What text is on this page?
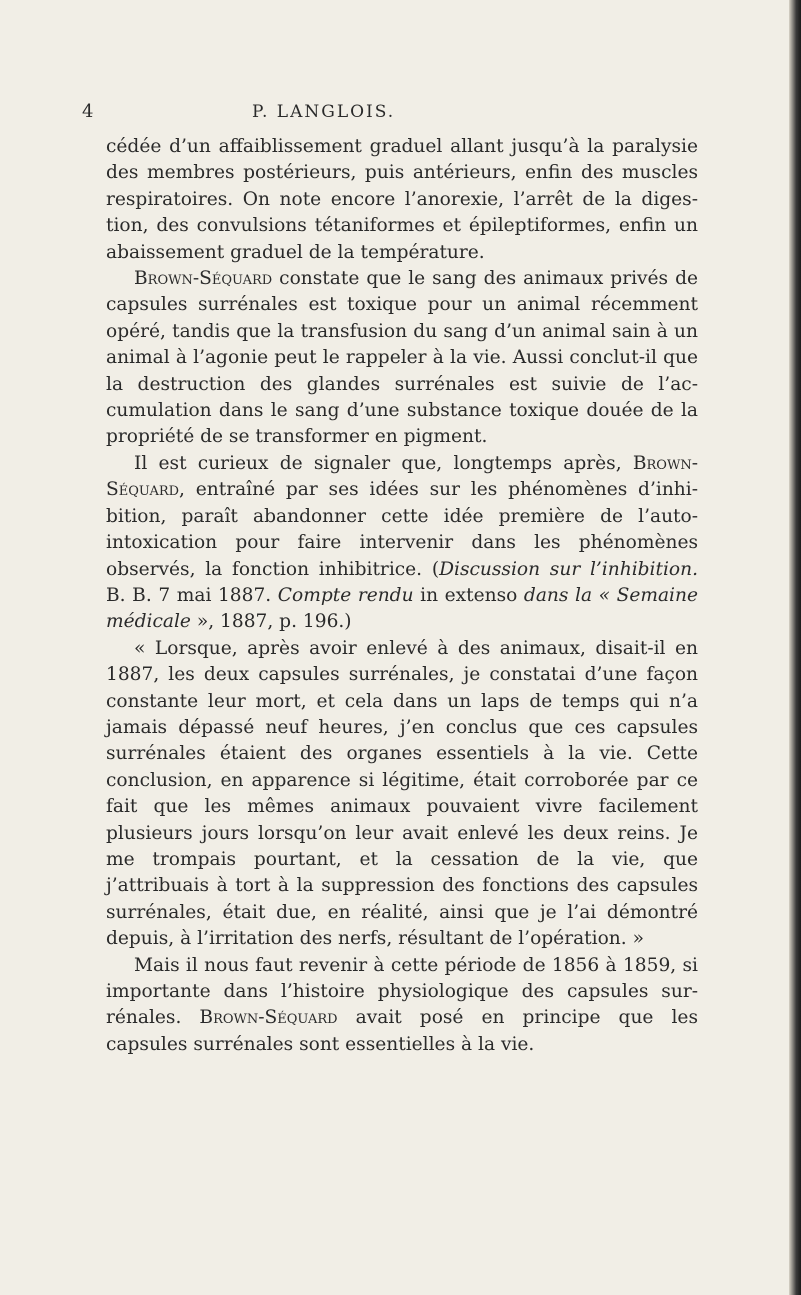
4	P. LANGLOIS.

cédée d’un affaiblissement graduel allant jusqu’à la paralysie des membres postérieurs, puis antérieurs, enfin des muscles respiratoires. On note encore l’anorexie, l’arrêt de la diges-tion, des convulsions tétaniformes et épileptiformes, enfin un abaissement graduel de la température.

Brown-Séquard constate que le sang des animaux privés de capsules surrénales est toxique pour un animal récemment opéré, tandis que la transfusion du sang d’un animal sain à un animal à l’agonie peut le rappeler à la vie. Aussi conclut-il que la destruction des glandes surrénales est suivie de l’ac-cumulation dans le sang d’une substance toxique douée de la propriété de se transformer en pigment.

Il est curieux de signaler que, longtemps après, Brown-Séquard, entraîné par ses idées sur les phénomènes d’inhi-bition, paraît abandonner cette idée première de l’auto-intoxication pour faire intervenir dans les phénomènes observés, la fonction inhibitrice. (Discussion sur l’inhibition. B. B. 7 mai 1887. Compte rendu in extenso dans la « Semaine médicale », 1887, p. 196.)

« Lorsque, après avoir enlevé à des animaux, disait-il en 1887, les deux capsules surrénales, je constatai d’une façon constante leur mort, et cela dans un laps de temps qui n’a jamais dépassé neuf heures, j’en conclus que ces capsules surrénales étaient des organes essentiels à la vie. Cette conclusion, en apparence si légitime, était corroborée par ce fait que les mêmes animaux pouvaient vivre facilement plusieurs jours lorsqu’on leur avait enlevé les deux reins. Je me trompais pourtant, et la cessation de la vie, que j’attribuais à tort à la suppression des fonctions des capsules surrénales, était due, en réalité, ainsi que je l’ai démontré depuis, à l’irritation des nerfs, résultant de l’opération. »

Mais il nous faut revenir à cette période de 1856 à 1859, si importante dans l’histoire physiologique des capsules sur-rénales. Brown-Séquard avait posé en principe que les capsules surrénales sont essentielles à la vie.
